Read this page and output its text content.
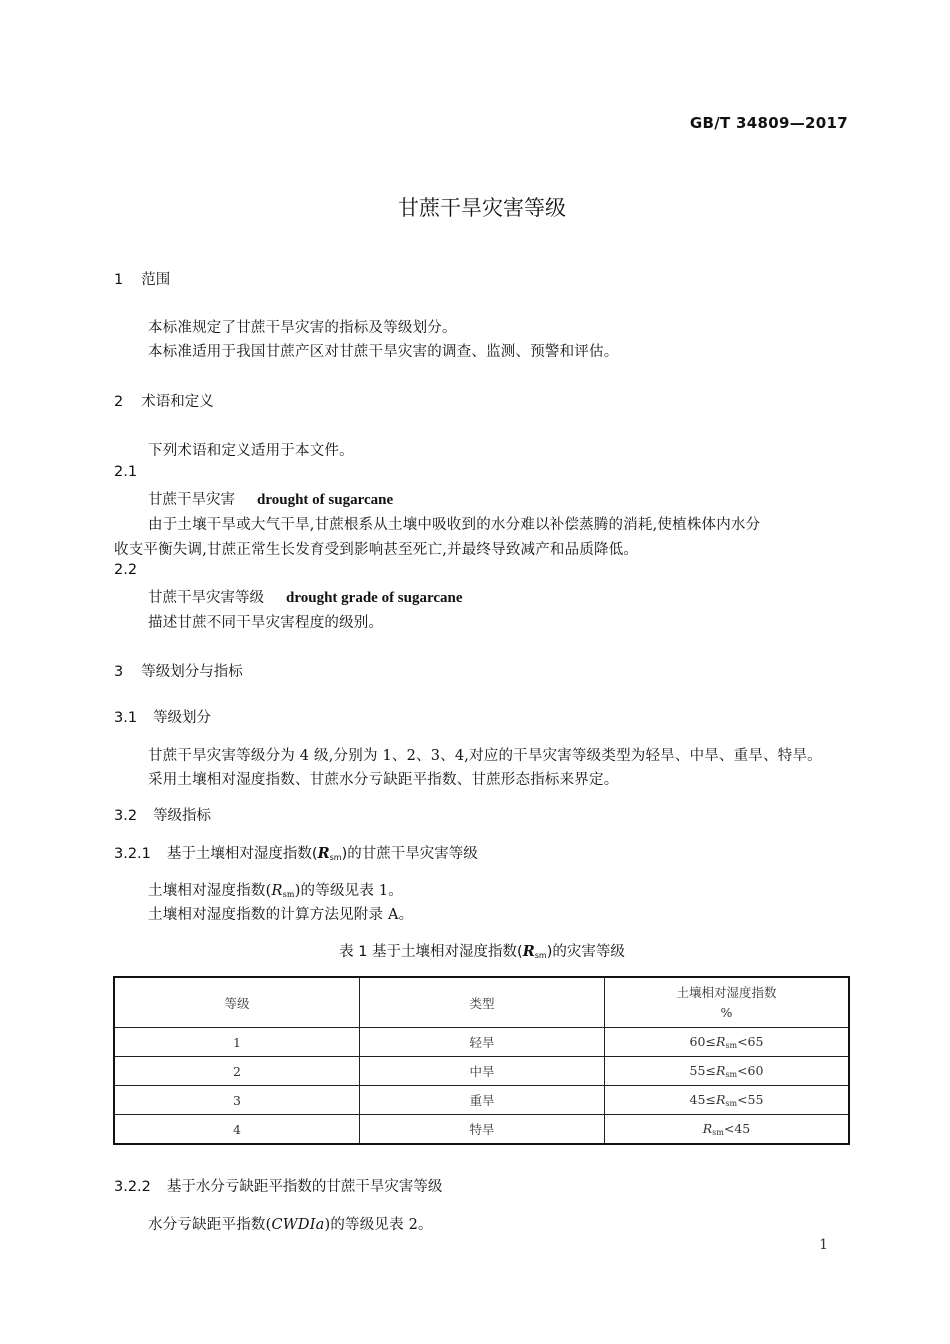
GB/T 34809—2017
甘蔗干旱灾害等级
1 范围
本标准规定了甘蔗干旱灾害的指标及等级划分。
本标准适用于我国甘蔗产区对甘蔗干旱灾害的调查、监测、预警和评估。
2 术语和定义
下列术语和定义适用于本文件。
2.1
甘蔗干旱灾害 drought of sugarcane
由于土壤干旱或大气干旱,甘蔗根系从土壤中吸收到的水分难以补偿蒸腾的消耗,使植株体内水分
收支平衡失调,甘蔗正常生长发育受到影响甚至死亡,并最终导致减产和品质降低。
2.2
甘蔗干旱灾害等级 drought grade of sugarcane
描述甘蔗不同干旱灾害程度的级别。
3 等级划分与指标
3.1 等级划分
甘蔗干旱灾害等级分为 4 级,分别为 1、2、3、4,对应的干旱灾害等级类型为轻旱、中旱、重旱、特旱。
采用土壤相对湿度指数、甘蔗水分亏缺距平指数、甘蔗形态指标来界定。
3.2 等级指标
3.2.1 基于土壤相对湿度指数$(R_{sm})$的甘蔗干旱灾害等级
土壤相对湿度指数$(R_{sm})$的等级见表 1。
土壤相对湿度指数的计算方法见附录 A。
表 1 基于土壤相对湿度指数$(R_{sm})$的灾害等级
等级	类型	土壤相对湿度指数
%

1	轻旱	$60\le R_{sm}<65$
2	中旱	$55\le R_{sm}<60$
3	重旱	$45\le R_{sm}<55$
4	特旱	$R_{sm}<45$
3.2.2 基于水分亏缺距平指数的甘蔗干旱灾害等级
水分亏缺距平指数(CWDIa)的等级见表 2。
1
